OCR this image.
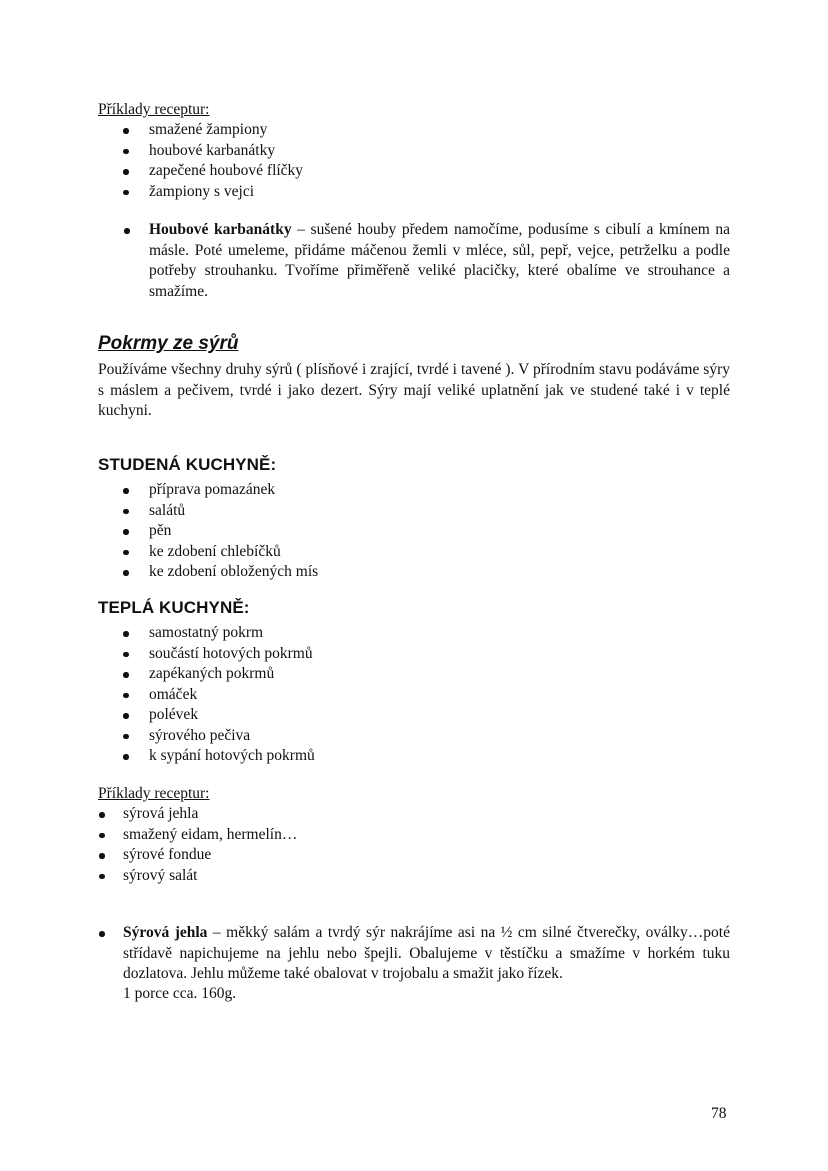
Příklady receptur:
smažené žampiony
houbové karbanátky
zapečené houbové flíčky
žampiony s vejci
Houbové karbanátky – sušené houby předem namočíme, podusíme s cibulí a kmínem na másle. Poté umeleme, přidáme máčenou žemli v mléce, sůl, pepř, vejce, petrželku a podle potřeby strouhanku. Tvoříme přiměřeně veliké placičky, které obalíme ve strouhance a smažíme.
Pokrmy ze sýrů
Používáme všechny druhy sýrů ( plísňové i zrající, tvrdé i tavené ). V přírodním stavu podáváme sýry s máslem a pečivem, tvrdé i jako dezert. Sýry mají veliké uplatnění jak ve studené také i v teplé kuchyni.
STUDENÁ KUCHYNĚ:
příprava pomazánek
salátů
pěn
ke zdobení chlebíčků
ke zdobení obložených mís
TEPLÁ KUCHYNĚ:
samostatný pokrm
součástí hotových pokrmů
zapékaných pokrmů
omáček
polévek
sýrového pečiva
k sypání hotových pokrmů
Příklady receptur:
sýrová jehla
smažený eidam, hermelín…
sýrové fondue
sýrový salát
Sýrová jehla – měkký salám a tvrdý sýr nakrájíme asi na ½ cm silné čtverečky, oválky…poté střídavě napichujeme na jehlu nebo špejli. Obalujeme v těstíčku a smažíme v horkém tuku dozlatova. Jehlu můžeme také obalovat v trojobalu a smažit jako řízek.
1 porce cca. 160g.
78
